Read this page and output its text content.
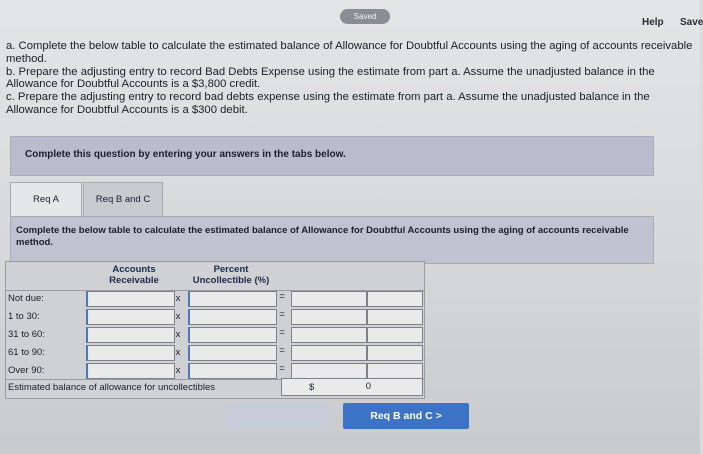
Saved
Help Save

a. Complete the below table to calculate the estimated balance of Allowance for Doubtful Accounts using the aging of accounts receivable method.

b. Prepare the adjusting entry to record Bad Debts Expense using the estimate from part a. Assume the unadjusted balance in the Allowance for Doubtful Accounts is a $3,800 credit.

c. Prepare the adjusting entry to record bad debts expense using the estimate from part a. Assume the unadjusted balance in the Allowance for Doubtful Accounts is a $300 debit.

Complete this question by entering your answers in the tabs below.
Req A	Req B and C
Complete the below table to calculate the estimated balance of Allowance for Doubtful Accounts using the aging of accounts receivable method.
Accounts Receivable
Percent Uncollectible (%)
Not due:	x	=
1 to 30:	x	=
31 to 60:	x	=
61 to 90:	x	=
Over 90:	x	=
Estimated balance of allowance for uncollectibles	$	0
Req B and C >
